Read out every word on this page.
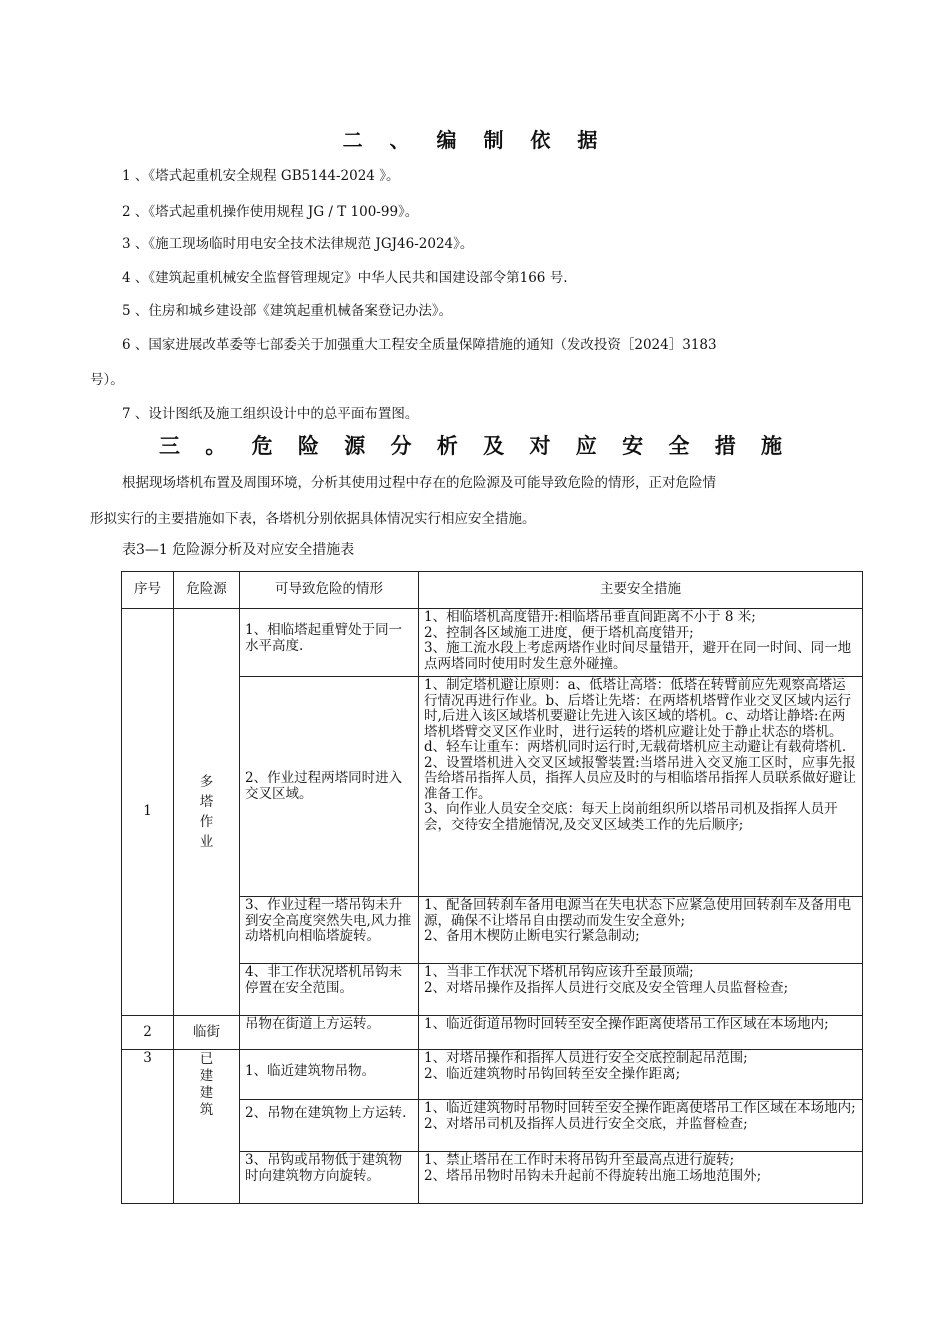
二 、 编 制 依 据
1 、《塔式起重机安全规程 GB5144-2024 》。
2 、《塔式起重机操作使用规程 JG / T 100-99》。
3 、《施工现场临时用电安全技术法律规范 JGJ46-2024》。
4 、《建筑起重机械安全监督管理规定》中华人民共和国建设部令第166 号.
5 、住房和城乡建设部《建筑起重机械备案登记办法》。
6 、国家进展改革委等七部委关于加强重大工程安全质量保障措施的通知（发改投资［2024］3183
号）。
7 、设计图纸及施工组织设计中的总平面布置图。
三 。 危 险 源 分 析 及 对 应 安 全 措 施
根据现场塔机布置及周围环境，分析其使用过程中存在的危险源及可能导致危险的情形，正对危险情
形拟实行的主要措施如下表，各塔机分别依据具体情况实行相应安全措施。
表3—1 危险源分析及对应安全措施表
序号	危险源	可导致危险的情形	主要安全措施
1	多塔作业	1、相临塔起重臂处于同一水平高度.	1、相临塔机高度错开:相临塔吊垂直间距离不小于 8 米;
2、控制各区域施工进度，便于塔机高度错开;
3、施工流水段上考虑两塔作业时间尽量错开，避开在同一时间、同一地点两塔同时使用时发生意外碰撞。

		2、作业过程两塔同时进入交叉区域。	1、制定塔机避让原则：a、低塔让高塔：低塔在转臂前应先观察高塔运行情况再进行作业。b、后塔让先塔：在两塔机塔臂作业交叉区域内运行时,后进入该区域塔机要避让先进入该区域的塔机。c、动塔让静塔:在两塔机塔臂交叉区作业时，进行运转的塔机应避让处于静止状态的塔机。d、轻车让重车：两塔机同时运行时,无载荷塔机应主动避让有载荷塔机.
2、设置塔机进入交叉区域报警装置:当塔吊进入交叉施工区时，应事先报告给塔吊指挥人员，指挥人员应及时的与相临塔吊指挥人员联系做好避让准备工作。
3、向作业人员安全交底：每天上岗前组织所以塔吊司机及指挥人员开会，交待安全措施情况,及交叉区域类工作的先后顺序;

		3、作业过程一塔吊钩未升到安全高度突然失电,风力推动塔机向相临塔旋转。	1、配备回转刹车备用电源当在失电状态下应紧急使用回转刹车及备用电源，确保不让塔吊自由摆动而发生安全意外;
2、备用木楔防止断电实行紧急制动;

		4、非工作状况塔机吊钩未停置在安全范围。	1、当非工作状况下塔机吊钩应该升至最顶端;
2、对塔吊操作及指挥人员进行交底及安全管理人员监督检查;

2	临街	吊物在街道上方运转。	1、临近街道吊物时回转至安全操作距离使塔吊工作区域在本场地内;

3	已建建筑	1、临近建筑物吊物。	1、对塔吊操作和指挥人员进行安全交底控制起吊范围;
2、临近建筑物时吊钩回转至安全操作距离;

		2、吊物在建筑物上方运转.	1、临近建筑物时吊物时回转至安全操作距离使塔吊工作区域在本场地内;
2、对塔吊司机及指挥人员进行安全交底，并监督检查;

		3、吊钩或吊物低于建筑物时向建筑物方向旋转。	1、禁止塔吊在工作时未将吊钩升至最高点进行旋转;
2、塔吊吊物时吊钩未升起前不得旋转出施工场地范围外;
